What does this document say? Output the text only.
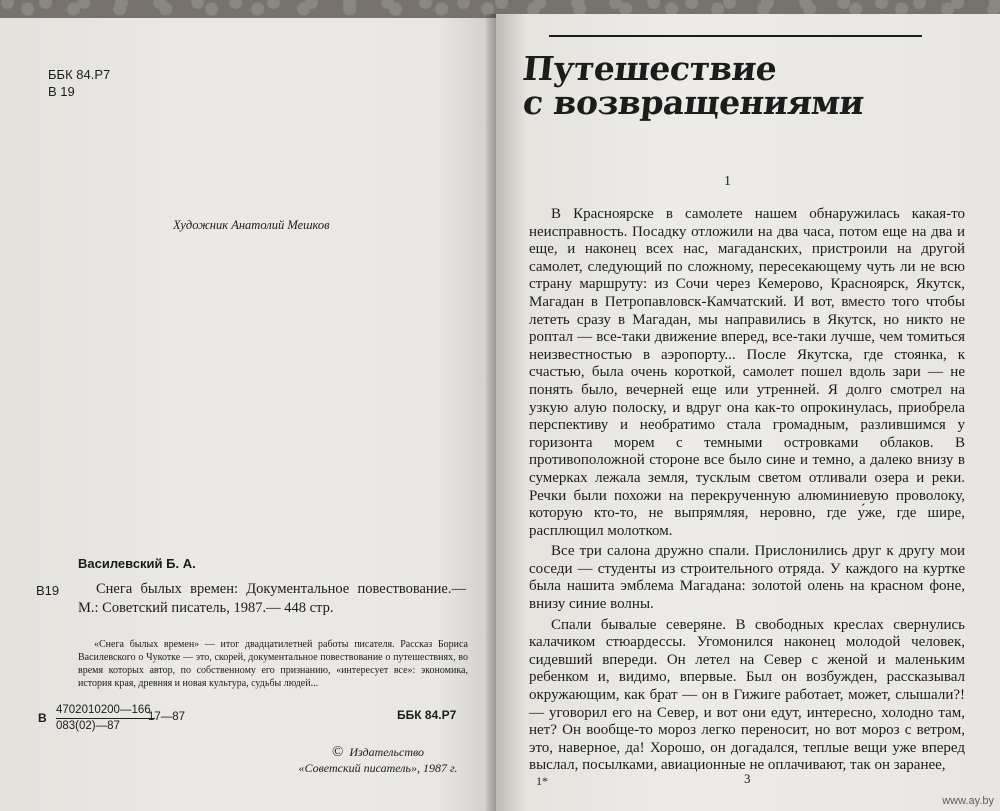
ББК 84.Р7
В 19
Художник Анатолий Мешков
Василевский Б. А.
В19	Снега былых времен: Документальное повествование.— М.: Советский писатель, 1987.— 448 стр.
«Снега былых времен» — итог двадцатилетней работы писателя. Рассказ Бориса Василевского о Чукотке — это, скорей, документальное повествование о путешествиях, во время которых автор, по собственному его признанию, «интересует все»: экономика, история края, древняя и новая культура, судьбы людей...
В $\frac{4702010200—166}{083(02)—87}$
17—87	ББК 84.Р7
© Издательство
«Советский писатель», 1987 г.
Путешествие
с возвращениями
1

В Красноярске в самолете нашем обнаружилась какая-то неисправность. Посадку отложили на два часа, потом еще на два и еще, и наконец всех нас, магаданских, пристроили на другой самолет, следующий по сложному, пересекающему чуть ли не всю страну маршруту: из Сочи через Кемерово, Красноярск, Якутск, Магадан в Петропавловск-Камчатский. И вот, вместо того чтобы лететь сразу в Магадан, мы направились в Якутск, но никто не роптал — все-таки движение вперед, все-таки лучше, чем томиться неизвестностью в аэропорту... После Якутска, где стоянка, к счастью, была очень короткой, самолет пошел вдоль зари — не понять было, вечерней еще или утренней. Я долго смотрел на узкую алую полоску, и вдруг она как-то опрокинулась, приобрела перспективу и необратимо стала громадным, разлившимся у горизонта морем с темными островками облаков. В противоположной стороне все было сине и темно, а далеко внизу в сумерках лежала земля, тусклым светом отливали озера и реки. Речки были похожи на перекрученную алюминиевую проволоку, которую кто-то, не выпрямляя, неровно, где у́же, где шире, расплющил молотком.

Все три салона дружно спали. Прислонились друг к другу мои соседи — студенты из строительного отряда. У каждого на куртке была нашита эмблема Магадана: золотой олень на красном фоне, внизу синие волны.

Спали бывалые северяне. В свободных креслах свернулись калачиком стюардессы. Угомонился наконец молодой человек, сидевший впереди. Он летел на Север с женой и маленьким ребенком и, видимо, впервые. Был он возбужден, рассказывал окружающим, как брат — он в Гижиге работает, может, слышали?! — уговорил его на Север, и вот они едут, интересно, холодно там, нет? Он вообще-то мороз легко переносит, но вот мороз с ветром, это, наверное, да! Хорошо, он догадался, теплые вещи уже вперед выслал, посылками, авиационные не оплачивают, так он заранее,

1*	3
www.ay.by
